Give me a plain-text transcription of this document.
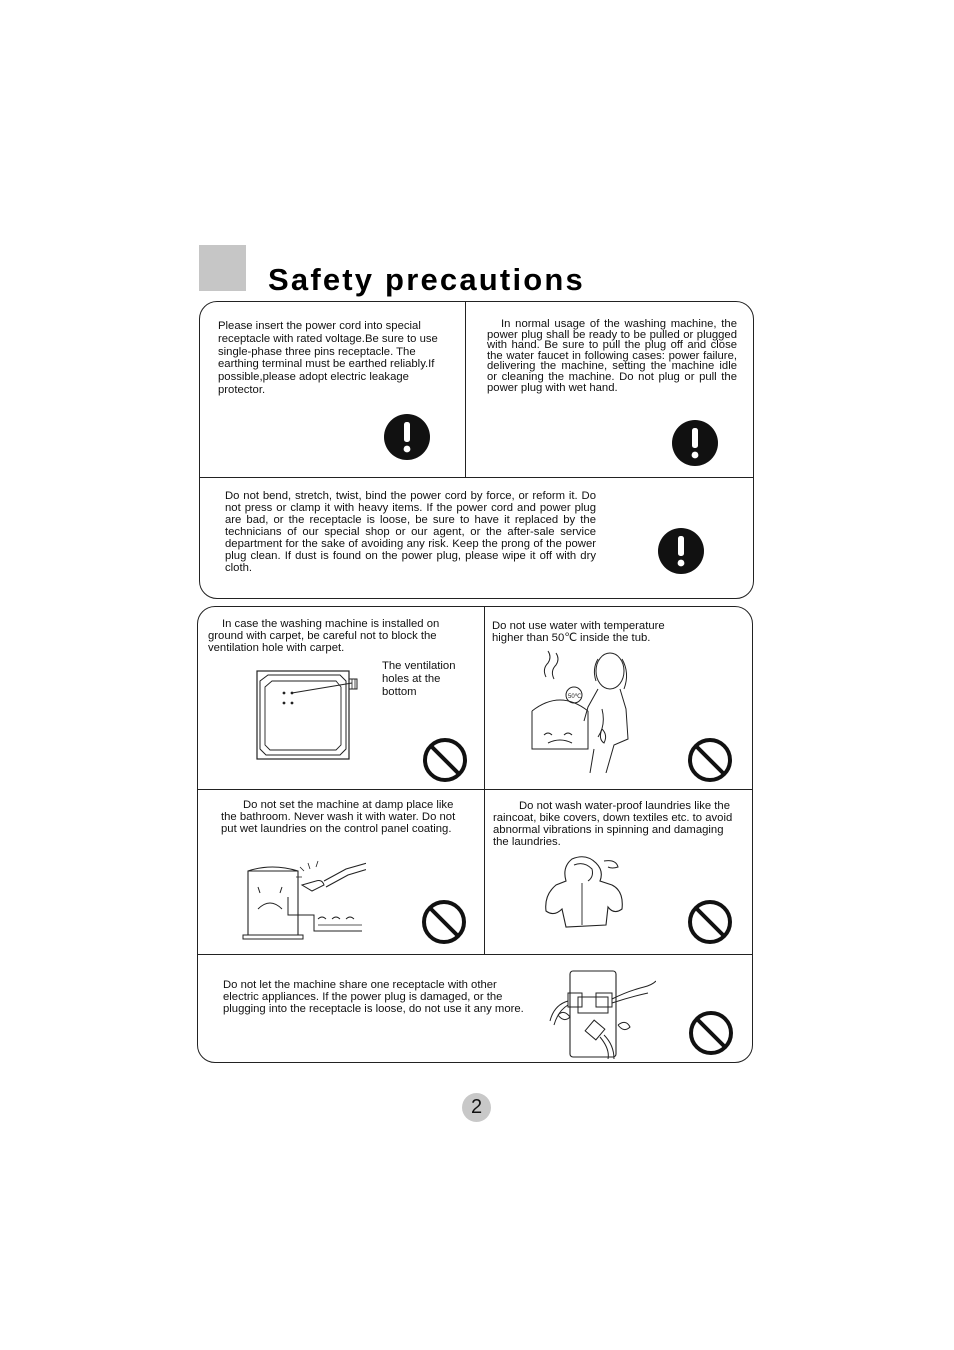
Safety precautions

Please insert the power cord into special receptacle with rated voltage.Be sure to use single-phase three pins receptacle. The earthing terminal must be earthed reliably.If possible,please adopt electric leakage protector.

In normal usage of the washing machine, the power plug shall be ready to be pulled or plugged with hand. Be sure to pull the plug off and close the water faucet in following cases: power failure, delivering the machine, setting the machine idle or cleaning the machine. Do not plug or pull the power plug with wet hand.

Do not bend, stretch, twist, bind the power cord by force, or reform it. Do not press or clamp it with heavy items. If the power cord and power plug are bad, or the receptacle is loose, be sure to have it replaced by the technicians of our special shop or our agent, or the after-sale service department for the sake of avoiding any risk. Keep the prong of the power plug clean. If dust is found on the power plug, please wipe it off with dry cloth.

In case the washing machine is installed on ground with carpet, be careful not to block the ventilation hole with carpet.

The ventilation holes at the bottom

Do not use water with temperature higher than 50℃ inside the tub.

50℃

Do not set the machine at damp place like the bathroom. Never wash it with water. Do not put wet laundries on the control panel coating.

Do not wash water-proof laundries like the raincoat, bike covers, down textiles etc. to avoid abnormal vibrations in spinning and damaging the laundries.

Do not let the machine share one receptacle with other electric appliances. If the power plug is damaged, or the plugging into the receptacle is loose, do not use it any more.

2
